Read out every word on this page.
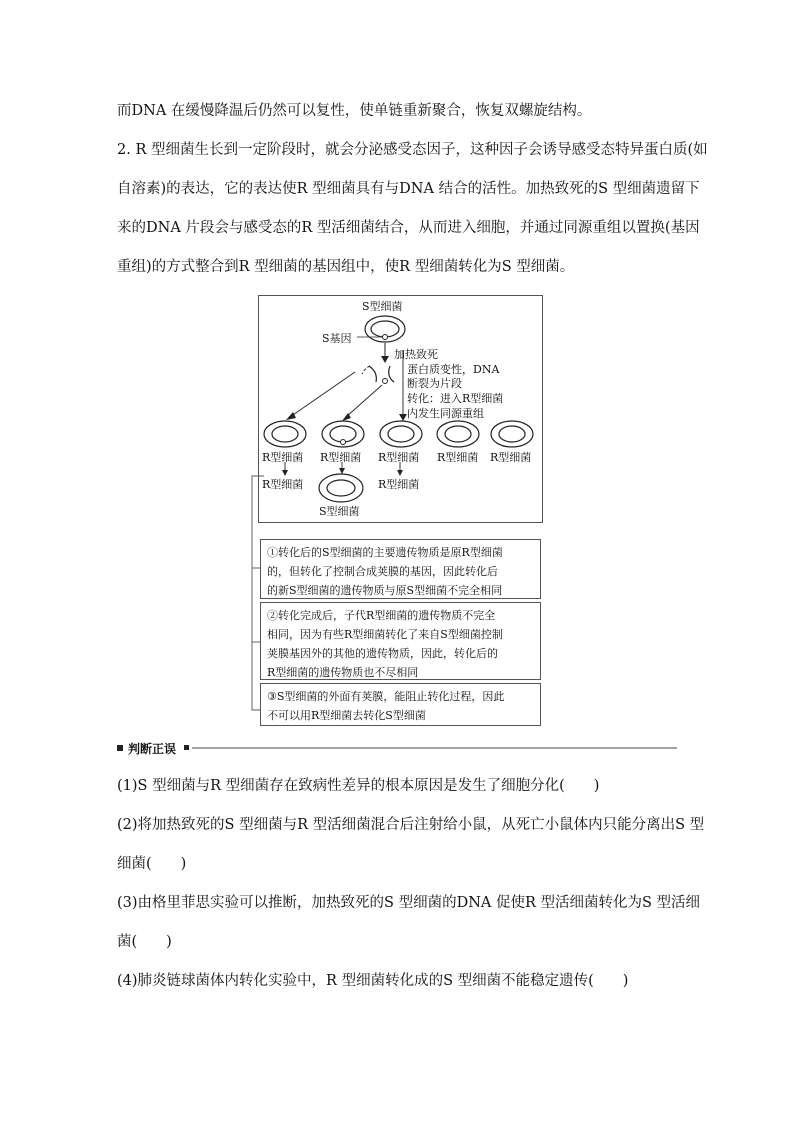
而DNA 在缓慢降温后仍然可以复性，使单链重新聚合，恢复双螺旋结构。
2. R 型细菌生长到一定阶段时，就会分泌感受态因子，这种因子会诱导感受态特异蛋白质(如
自溶素)的表达，它的表达使R 型细菌具有与DNA 结合的活性。加热致死的S 型细菌遗留下
来的DNA 片段会与感受态的R 型活细菌结合，从而进入细胞，并通过同源重组以置换(基因
重组)的方式整合到R 型细菌的基因组中，使R 型细菌转化为S 型细菌。
S型细菌
S基因
加热致死
蛋白质变性，DNA
断裂为片段
转化：进入R型细菌
内发生同源重组
R型细菌 R型细菌 R型细菌 R型细菌 R型细菌
R型细菌	R型细菌
S型细菌
①转化后的S型细菌的主要遗传物质是原R型细菌
的，但转化了控制合成荚膜的基因，因此转化后
的新S型细菌的遗传物质与原S型细菌不完全相同
②转化完成后，子代R型细菌的遗传物质不完全
相同，因为有些R型细菌转化了来自S型细菌控制
荚膜基因外的其他的遗传物质，因此，转化后的
R型细菌的遗传物质也不尽相同
③S型细菌的外面有荚膜，能阻止转化过程，因此
不可以用R型细菌去转化S型细菌
判断正误
(1)S 型细菌与R 型细菌存在致病性差异的根本原因是发生了细胞分化(　　)
(2)将加热致死的S 型细菌与R 型活细菌混合后注射给小鼠，从死亡小鼠体内只能分离出S 型
细菌(　　)
(3)由格里菲思实验可以推断，加热致死的S 型细菌的DNA 促使R 型活细菌转化为S 型活细
菌(　　)
(4)肺炎链球菌体内转化实验中，R 型细菌转化成的S 型细菌不能稳定遗传(　　)
